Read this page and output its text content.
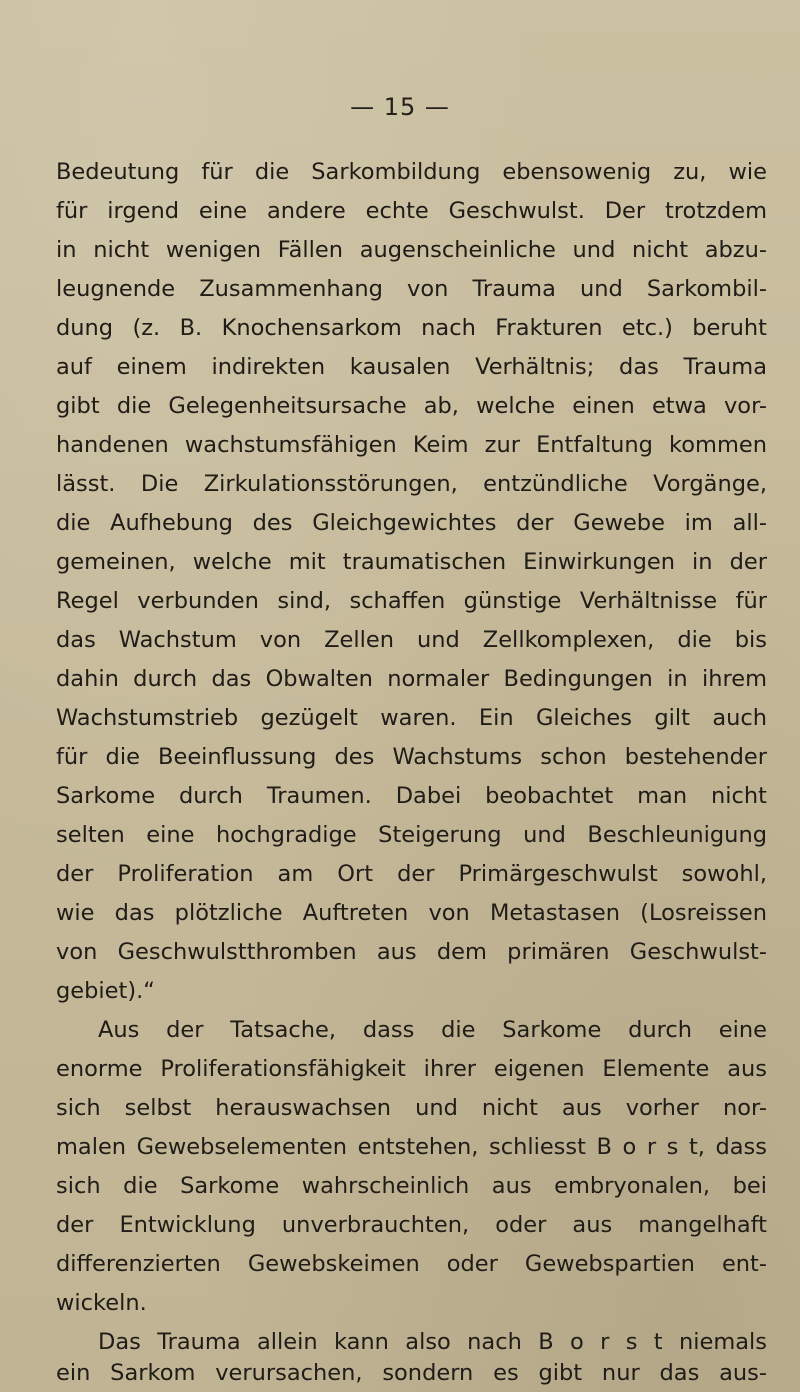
— 15 —
Bedeutung für die Sarkombildung ebensowenig zu, wie
für irgend eine andere echte Geschwulst. Der trotzdem
in nicht wenigen Fällen augenscheinliche und nicht abzu-
leugnende Zusammenhang von Trauma und Sarkombil-
dung (z. B. Knochensarkom nach Frakturen etc.) beruht
auf einem indirekten kausalen Verhältnis; das Trauma
gibt die Gelegenheitsursache ab, welche einen etwa vor-
handenen wachstumsfähigen Keim zur Entfaltung kommen
lässt. Die Zirkulationsstörungen, entzündliche Vorgänge,
die Aufhebung des Gleichgewichtes der Gewebe im all-
gemeinen, welche mit traumatischen Einwirkungen in der
Regel verbunden sind, schaffen günstige Verhältnisse für
das Wachstum von Zellen und Zellkomplexen, die bis
dahin durch das Obwalten normaler Bedingungen in ihrem
Wachstumstrieb gezügelt waren. Ein Gleiches gilt auch
für die Beeinflussung des Wachstums schon bestehender
Sarkome durch Traumen. Dabei beobachtet man nicht
selten eine hochgradige Steigerung und Beschleunigung
der Proliferation am Ort der Primärgeschwulst sowohl,
wie das plötzliche Auftreten von Metastasen (Losreissen
von Geschwulstthromben aus dem primären Geschwulst-
gebiet).“
Aus der Tatsache, dass die Sarkome durch eine
enorme Proliferationsfähigkeit ihrer eigenen Elemente aus
sich selbst herauswachsen und nicht aus vorher nor-
malen Gewebselementen entstehen, schliesst B o r s t, dass
sich die Sarkome wahrscheinlich aus embryonalen, bei
der Entwicklung unverbrauchten, oder aus mangelhaft
differenzierten Gewebskeimen oder Gewebspartien ent-
wickeln.
Das Trauma allein kann also nach B o r s t niemals
ein Sarkom verursachen, sondern es gibt nur das aus-
